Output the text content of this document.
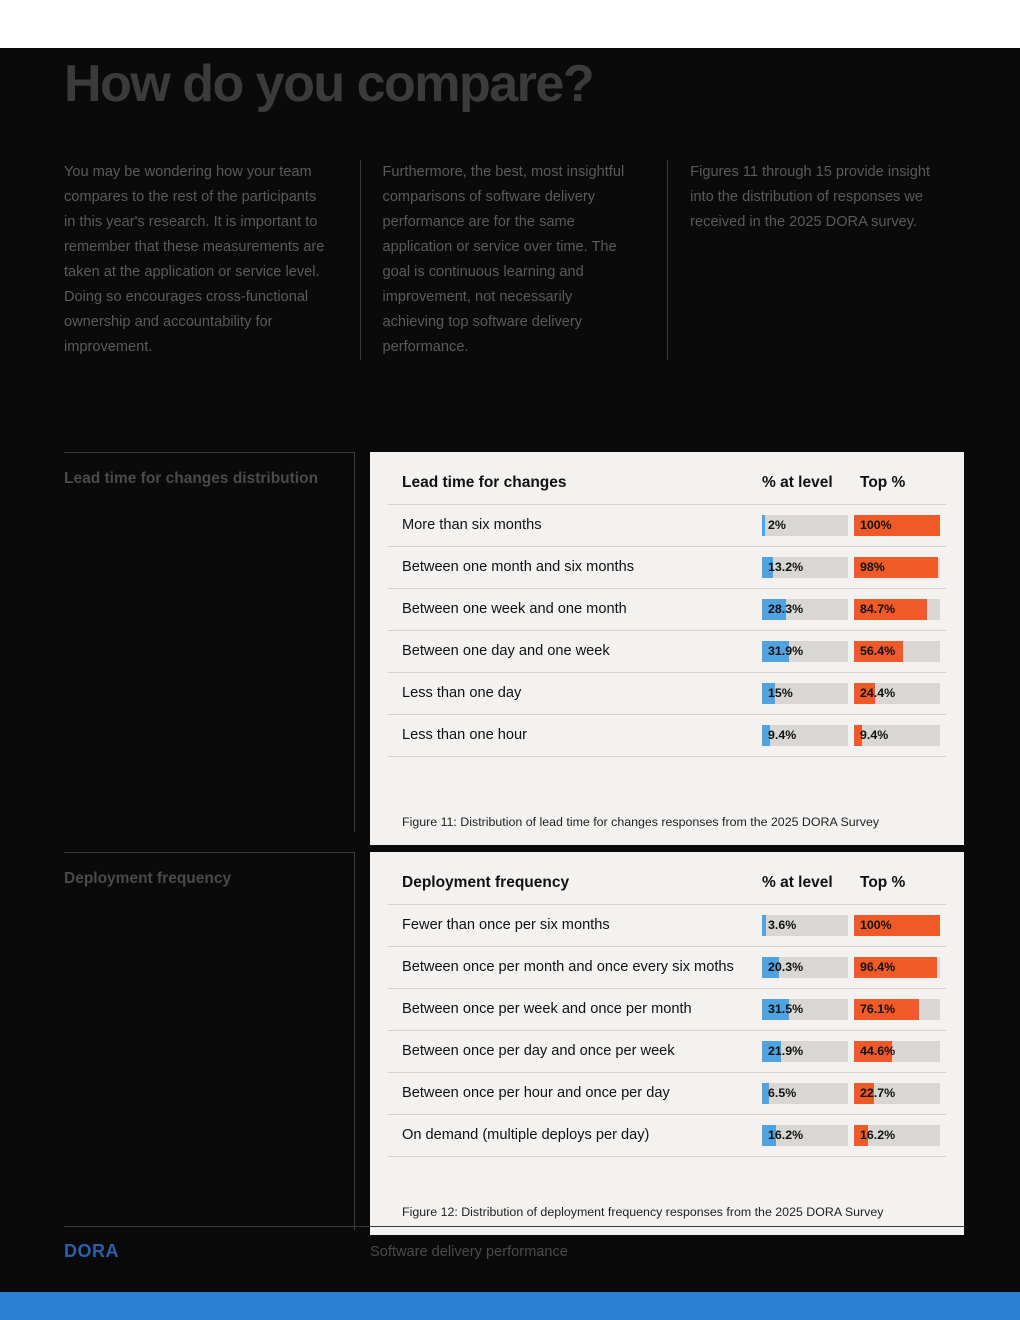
How do you compare?
You may be wondering how your team compares to the rest of the participants in this year's research. It is important to remember that these measurements are taken at the application or service level. Doing so encourages cross-functional ownership and accountability for improvement.
Furthermore, the best, most insightful comparisons of software delivery performance are for the same application or service over time. The goal is continuous learning and improvement, not necessarily achieving top software delivery performance.
Figures 11 through 15 provide insight into the distribution of responses we received in the 2025 DORA survey.
Lead time for changes distribution	Lead time for changes	% at level	Top %
More than six months	2%	100%

Between one month and six months	13.2%	98%

Between one week and one month	28.3%	84.7%

Between one day and one week	31.9%	56.4%

Less than one day	15%	24.4%

Less than one hour	9.4%	9.4%
Figure 11: Distribution of lead time for changes responses from the 2025 DORA Survey
Deployment frequency	Deployment frequency	% at level	Top %
Fewer than once per six months	3.6%	100%

Between once per month and once every six moths	20.3%	96.4%

Between once per week and once per month	31.5%	76.1%

Between once per day and once per week	21.9%	44.6%

Between once per hour and once per day	6.5%	22.7%

On demand (multiple deploys per day)	16.2%	16.2%
Figure 12: Distribution of deployment frequency responses from the 2025 DORA Survey
DORA	Software delivery performance
